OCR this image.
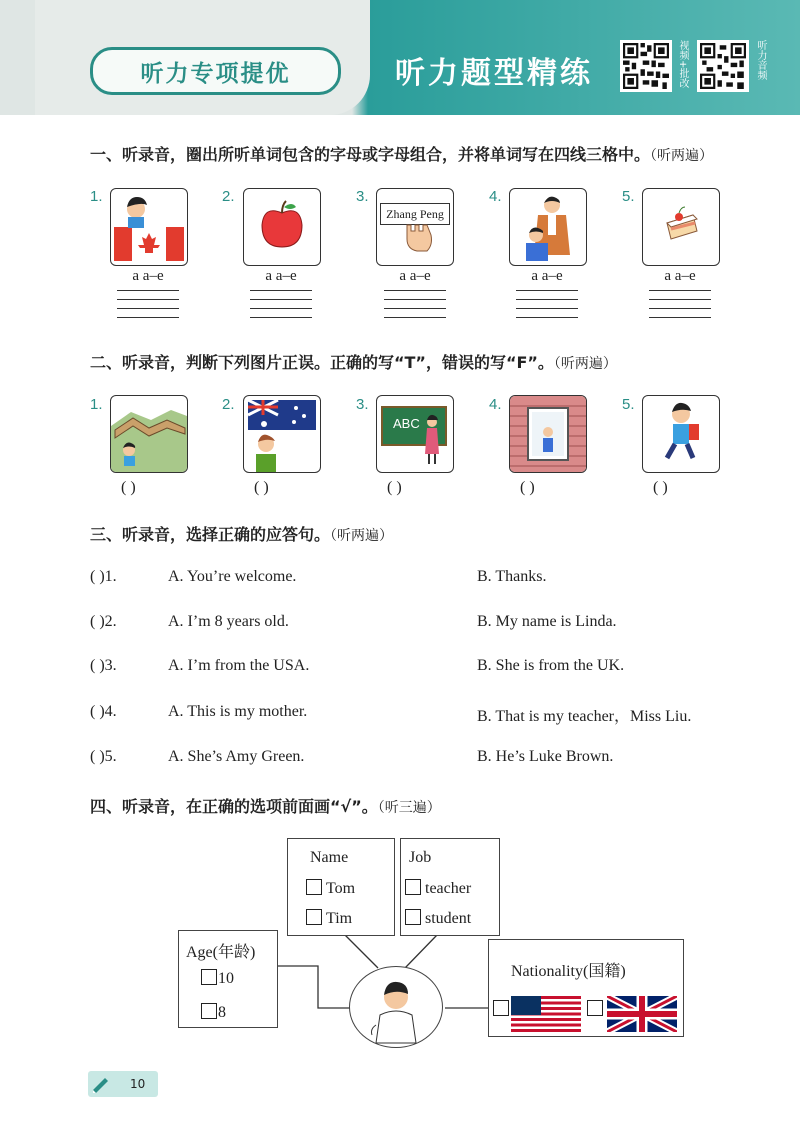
听力专项提优	听力题型精练	视频+批改	听力音频
一、听录音，圈出所听单词包含的字母或字母组合，并将单词写在四线三格中。（听两遍）
1.
a a–e
2.
a a–e
3.
Zhang Peng
a a–e
4.
a a–e
5.
a a–e
二、听录音，判断下列图片正误。正确的写“T”，错误的写“F”。（听两遍）
1.
( )
2.
( )
3.
ABC
( )
4.
( )
5.
( )
三、听录音，选择正确的应答句。（听两遍）
( )1.	A. You’re welcome.	B. Thanks.
( )2.	A. I’m 8 years old.	B. My name is Linda.
( )3.	A. I’m from the USA.	B. She is from the UK.
( )4.	A. This is my mother.	B. That is my teacher，Miss Liu.
( )5.	A. She’s Amy Green.	B. He’s Luke Brown.
四、听录音，在正确的选项前面画“√”。（听三遍）
Name
Tom
Tim
Job
teacher
student
Age(年龄)
10
8
Nationality(国籍)
10
